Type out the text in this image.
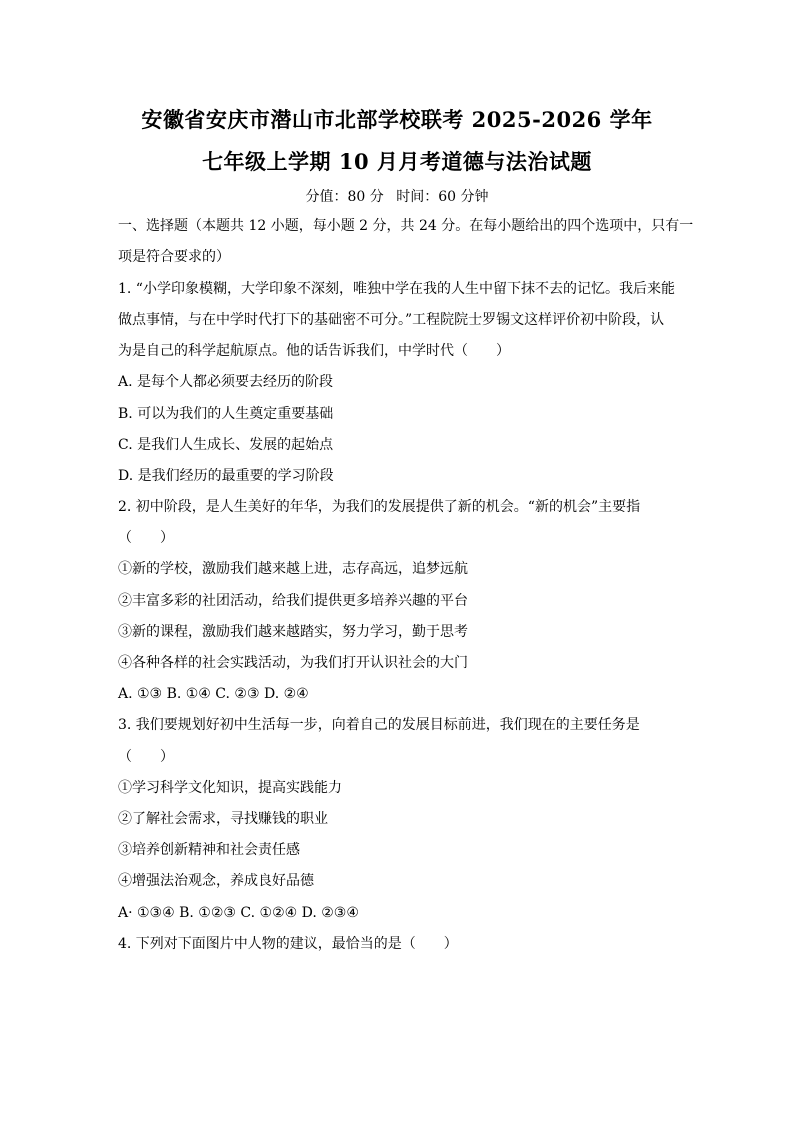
安徽省安庆市潜山市北部学校联考 2025-2026 学年
七年级上学期 10 月月考道德与法治试题
分值：80 分 时间：60 分钟
一、选择题（本题共 12 小题，每小题 2 分，共 24 分。在每小题给出的四个选项中，只有一
项是符合要求的）
1. “小学印象模糊，大学印象不深刻，唯独中学在我的人生中留下抹不去的记忆。我后来能
做点事情，与在中学时代打下的基础密不可分。”工程院院士罗锡文这样评价初中阶段，认
为是自己的科学起航原点。他的话告诉我们，中学时代（　　）
A. 是每个人都必须要去经历的阶段
B. 可以为我们的人生奠定重要基础
C. 是我们人生成长、发展的起始点
D. 是我们经历的最重要的学习阶段
2. 初中阶段，是人生美好的年华，为我们的发展提供了新的机会。“新的机会”主要指
（　　）
①新的学校，激励我们越来越上进，志存高远，追梦远航
②丰富多彩的社团活动，给我们提供更多培养兴趣的平台
③新的课程，激励我们越来越踏实，努力学习，勤于思考
④各种各样的社会实践活动，为我们打开认识社会的大门
A. ①③ B. ①④ C. ②③ D. ②④
3. 我们要规划好初中生活每一步，向着自己的发展目标前进，我们现在的主要任务是
（　　）
①学习科学文化知识，提高实践能力
②了解社会需求，寻找赚钱的职业
③培养创新精神和社会责任感
④增强法治观念，养成良好品德
A· ①③④ B. ①②③ C. ①②④ D. ②③④
4. 下列对下面图片中人物的建议，最恰当的是（　　）
